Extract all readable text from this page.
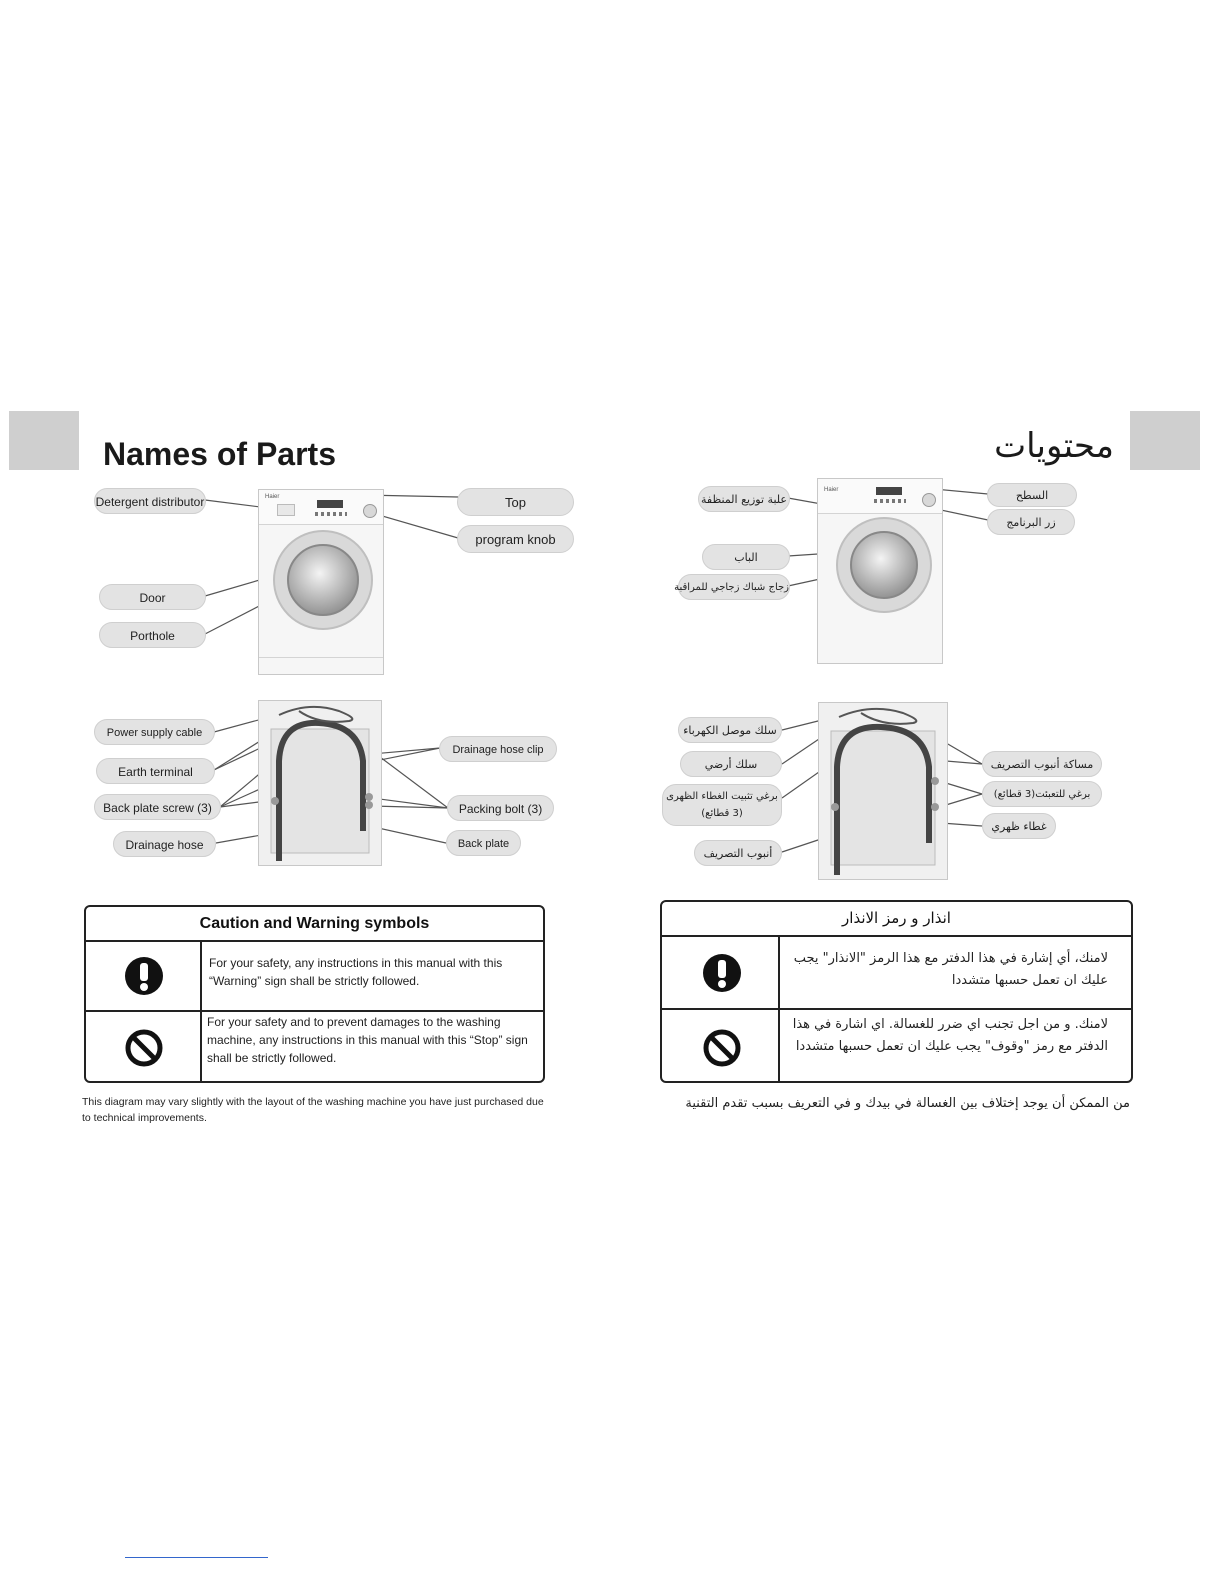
Names of Parts	محتويات
Haier
Detergent distributor	Top
program knob
Door
Porthole
Power supply cable
Earth terminal
Back plate screw (3)
Drainage hose
Drainage hose clip
Packing bolt (3)
Back plate
Caution and Warning symbols
For your safety, any instructions in this manual with this “Warning” sign shall be strictly followed.
For your safety and to prevent damages to the washing machine, any instructions in this manual with this “Stop” sign shall be strictly followed.
This diagram may vary slightly with the layout of the washing machine you have just purchased due to technical improvements.
Haier
علبة توزيع المنظفة	السطح
زر البرنامج
الباب
زجاج شباك زجاجي للمراقبة
سلك موصل الكهرباء
سلك أرضي
برغي تثبيت الغطاء الظهرى (3 قطائع)
أنبوب التصريف
مساكة أنبوب التصريف
برغي للتعبئت(3 قطائع)
غطاء ظهري
انذار و رمز الانذار
لامنك، أي إشارة في هذا الدفتر مع هذا الرمز "الانذار" يجب عليك ان تعمل حسبها متشددا
لامنك. و من اجل تجنب اي ضرر للغسالة. اي اشارة في هذا الدفتر مع رمز "وقوف" يجب عليك ان تعمل حسبها متشددا
من الممكن أن يوجد إختلاف بين الغسالة في بيدك و في التعريف بسبب تقدم التقنية
